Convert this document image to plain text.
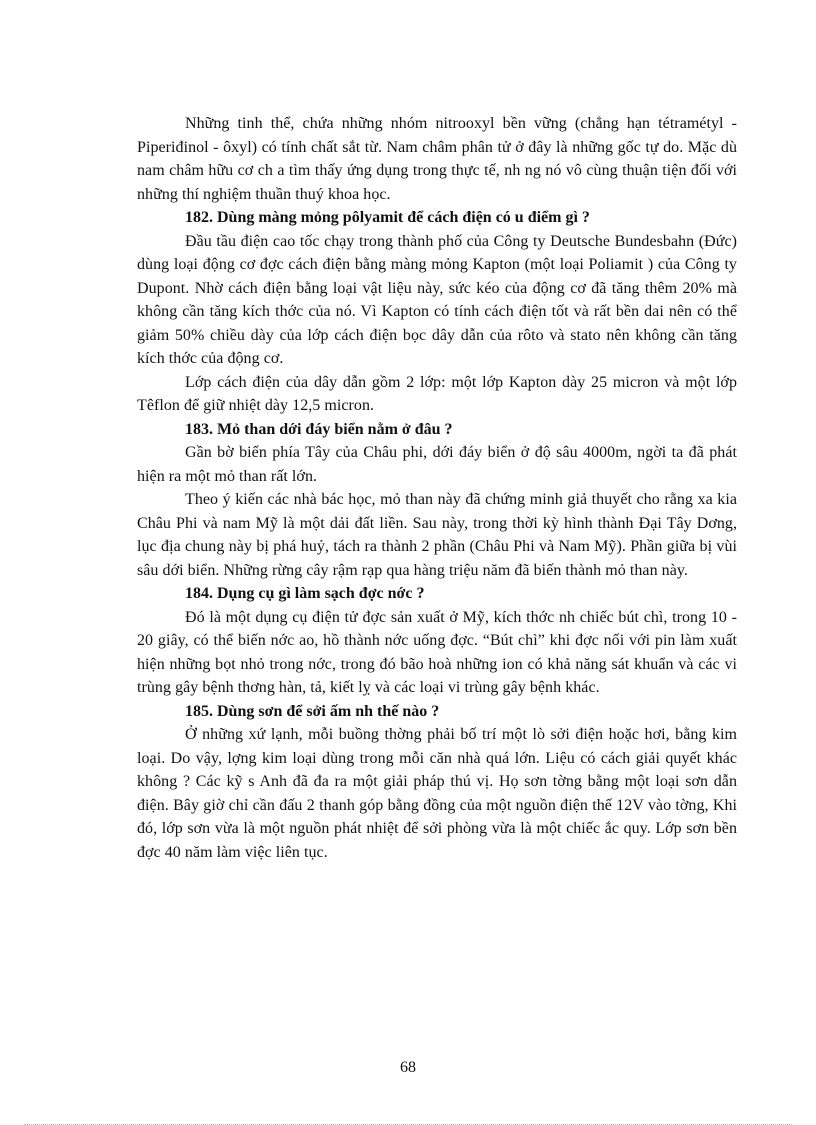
Những tinh thể, chứa những nhóm nitrooxyl bền vững (chẳng hạn tétramétyl - Piperiđinol - ôxyl) có tính chất sắt từ. Nam châm phân tử ở đây là những gốc tự do. Mặc dù nam châm hữu cơ ch a tìm thấy ứng dụng trong thực tế, nh ng nó vô cùng thuận tiện đối với những thí nghiệm thuần thuý khoa học.

182. Dùng màng mỏng pôlyamit để cách điện có u điểm gì ?

Đầu tầu điện cao tốc chạy trong thành phố của Công ty Deutsche Bundesbahn (Đức) dùng loại động cơ đợc cách điện bằng màng mỏng Kapton (một loại Poliamit ) của Công ty Dupont. Nhờ cách điện bằng loại vật liệu này, sức kéo của động cơ đã tăng thêm 20% mà không cần tăng kích thớc của nó. Vì Kapton có tính cách điện tốt và rất bền dai nên có thể giảm 50% chiều dày của lớp cách điện bọc dây dẫn của rôto và stato nên không cần tăng kích thớc của động cơ.

Lớp cách điện của dây dẫn gồm 2 lớp: một lớp Kapton dày 25 micron và một lớp Têflon để giữ nhiệt dày 12,5 micron.

183. Mỏ than dới đáy biển nằm ở đâu ?

Gần bờ biển phía Tây của Châu phi, dới đáy biển ở độ sâu 4000m, ngời ta đã phát hiện ra một mỏ than rất lớn.

Theo ý kiến các nhà bác học, mỏ than này đã chứng minh giả thuyết cho rằng xa kia Châu Phi và nam Mỹ là một dải đất liền. Sau này, trong thời kỳ hình thành Đại Tây Dơng, lục địa chung này bị phá huỷ, tách ra thành 2 phần (Châu Phi và Nam Mỹ). Phần giữa bị vùi sâu dới biển. Những rừng cây rậm rạp qua hàng triệu năm đã biến thành mỏ than này.

184. Dụng cụ gì làm sạch đợc nớc ?

Đó là một dụng cụ điện tử đợc sản xuất ở Mỹ, kích thớc nh chiếc bút chì, trong 10 - 20 giây, có thể biến nớc ao, hồ thành nớc uống đợc. “Bút chì” khi đợc nối với pin làm xuất hiện những bọt nhỏ trong nớc, trong đó bão hoà những ion có khả năng sát khuẩn và các vi trùng gây bệnh thơng hàn, tả, kiết lỵ và các loại vi trùng gây bệnh khác.

185. Dùng sơn để sởi ấm nh thế nào ?

Ở những xứ lạnh, mỗi buồng thờng phải bố trí một lò sởi điện hoặc hơi, bằng kim loại. Do vậy, lợng kim loại dùng trong mỗi căn nhà quá lớn. Liệu có cách giải quyết khác không ? Các kỹ s Anh đã đa ra một giải pháp thú vị. Họ sơn tờng bằng một loại sơn dẫn điện. Bây giờ chỉ cần đấu 2 thanh góp bằng đồng của một nguồn điện thế 12V vào tờng, Khi đó, lớp sơn vừa là một nguồn phát nhiệt để sởi phòng vừa là một chiếc ắc quy. Lớp sơn bền đợc 40 năm làm việc liên tục.

68
